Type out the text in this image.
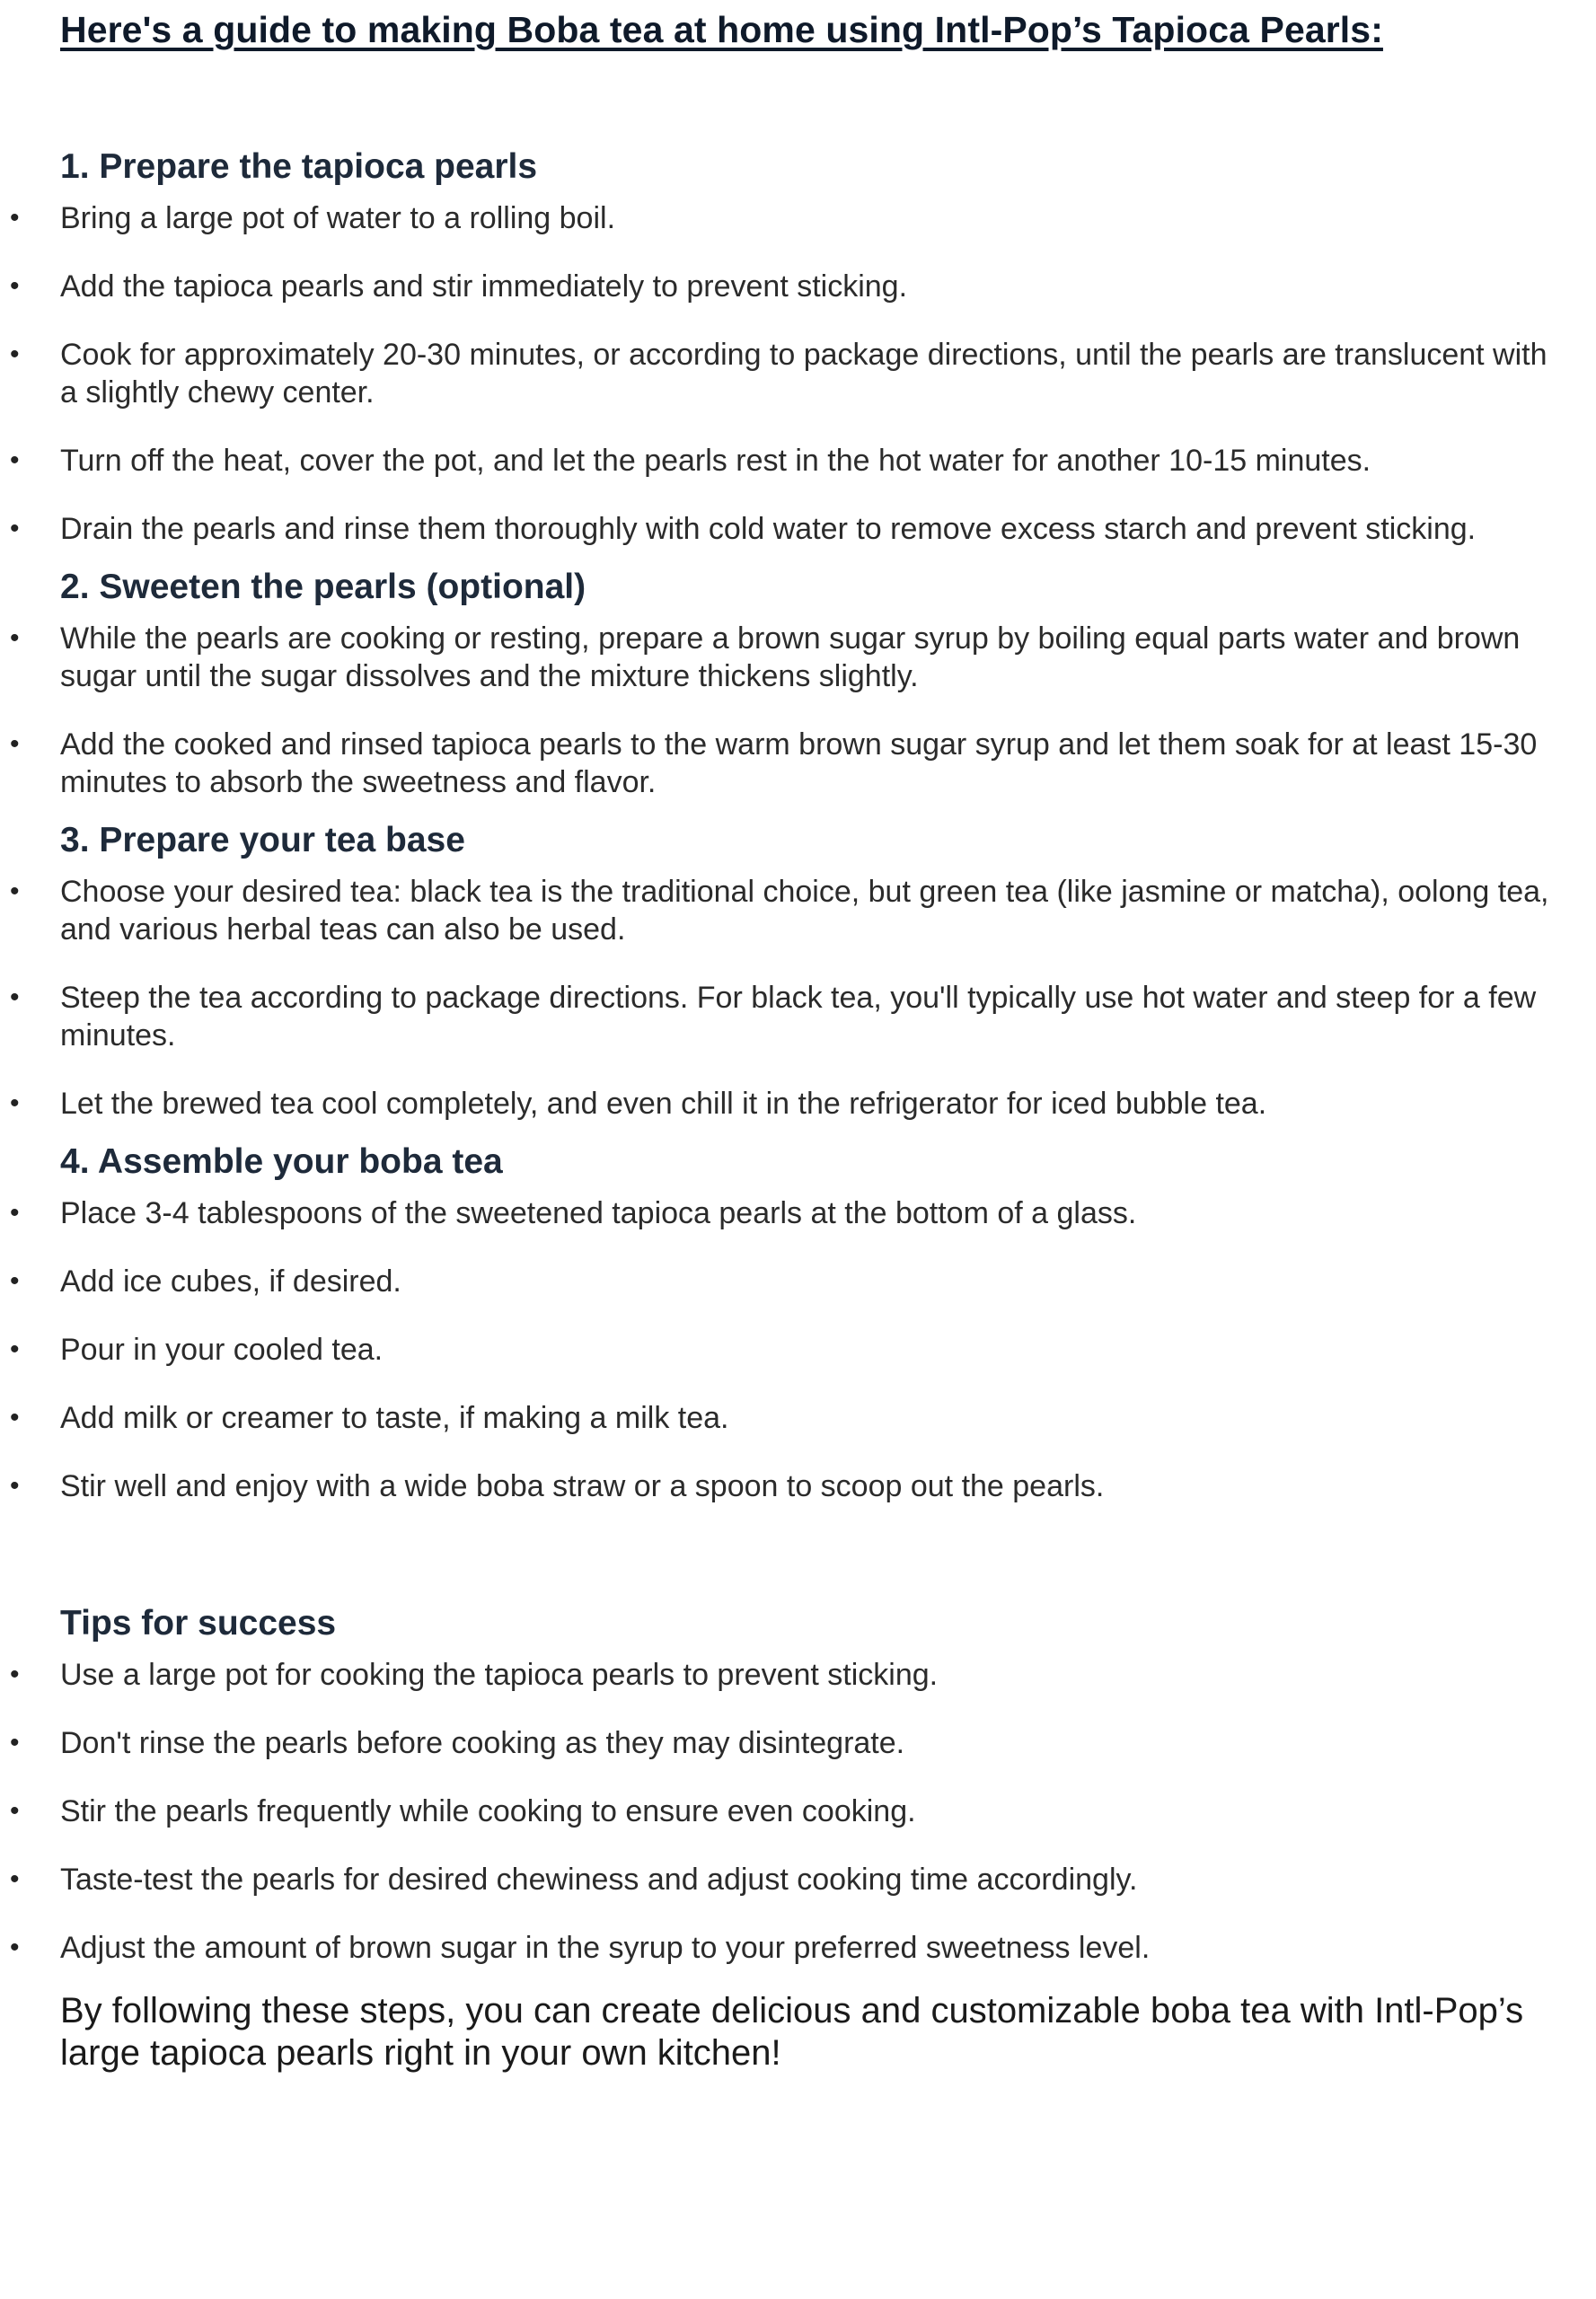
Here's a guide to making Boba tea at home using Intl-Pop’s Tapioca Pearls:
1. Prepare the tapioca pearls
• Bring a large pot of water to a rolling boil.
• Add the tapioca pearls and stir immediately to prevent sticking.
• Cook for approximately 20-30 minutes, or according to package directions, until the pearls are translucent with a slightly chewy center.
• Turn off the heat, cover the pot, and let the pearls rest in the hot water for another 10-15 minutes.
• Drain the pearls and rinse them thoroughly with cold water to remove excess starch and prevent sticking.
2. Sweeten the pearls (optional)
• While the pearls are cooking or resting, prepare a brown sugar syrup by boiling equal parts water and brown sugar until the sugar dissolves and the mixture thickens slightly.
• Add the cooked and rinsed tapioca pearls to the warm brown sugar syrup and let them soak for at least 15-30 minutes to absorb the sweetness and flavor.
3. Prepare your tea base
• Choose your desired tea: black tea is the traditional choice, but green tea (like jasmine or matcha), oolong tea, and various herbal teas can also be used.
• Steep the tea according to package directions. For black tea, you'll typically use hot water and steep for a few minutes.
• Let the brewed tea cool completely, and even chill it in the refrigerator for iced bubble tea.
4. Assemble your boba tea
• Place 3-4 tablespoons of the sweetened tapioca pearls at the bottom of a glass.
• Add ice cubes, if desired.
• Pour in your cooled tea.
• Add milk or creamer to taste, if making a milk tea.
• Stir well and enjoy with a wide boba straw or a spoon to scoop out the pearls.
Tips for success
• Use a large pot for cooking the tapioca pearls to prevent sticking.
• Don't rinse the pearls before cooking as they may disintegrate.
• Stir the pearls frequently while cooking to ensure even cooking.
• Taste-test the pearls for desired chewiness and adjust cooking time accordingly.
• Adjust the amount of brown sugar in the syrup to your preferred sweetness level.

By following these steps, you can create delicious and customizable boba tea with Intl-Pop’s large tapioca pearls right in your own kitchen!
